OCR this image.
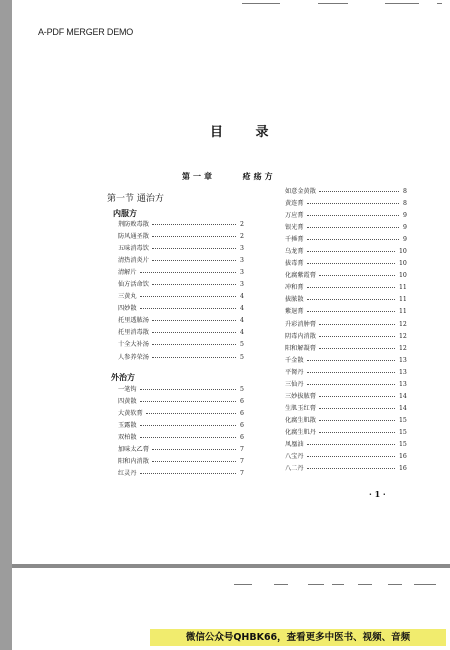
A-PDF MERGER DEMO
目 录
第一章	疮疡方
第一节 通治方
内服方
荆防败毒散	2
防风通圣散	2
五味消毒饮	3
清热消炎片	3
清解片	3
仙方活命饮	3
三黄丸	4
四妙散	4
托里透脓汤	4
托里消毒散	4
十全大补汤	5
人参养荣汤	5
外治方
一笔钩	5
四黄散	6
大黄软膏	6
玉露散	6
双柏散	6
加味太乙膏	7
阳和内消散	7
红灵丹	7
如意金黄散	8
黄连膏	8
万应膏	9
银光膏	9
千捶膏	9
乌龙膏	10
拔毒膏	10
化腐紫霞膏	10
冲和膏	11
拔脓散	11
紫退膏	11
升彩消肿膏	12
阴毒内消散	12
阳和解凝膏	12
千金散	13
平胬丹	13
三仙丹	13
三妙拔脓膏	14
生肌玉红膏	14
化腐生肌散	15
化腐生肌丹	15
凤凰油	15
八宝丹	16
八二丹	16
· 1 ·
微信公众号QHBK66，查看更多中医书、视频、音频
